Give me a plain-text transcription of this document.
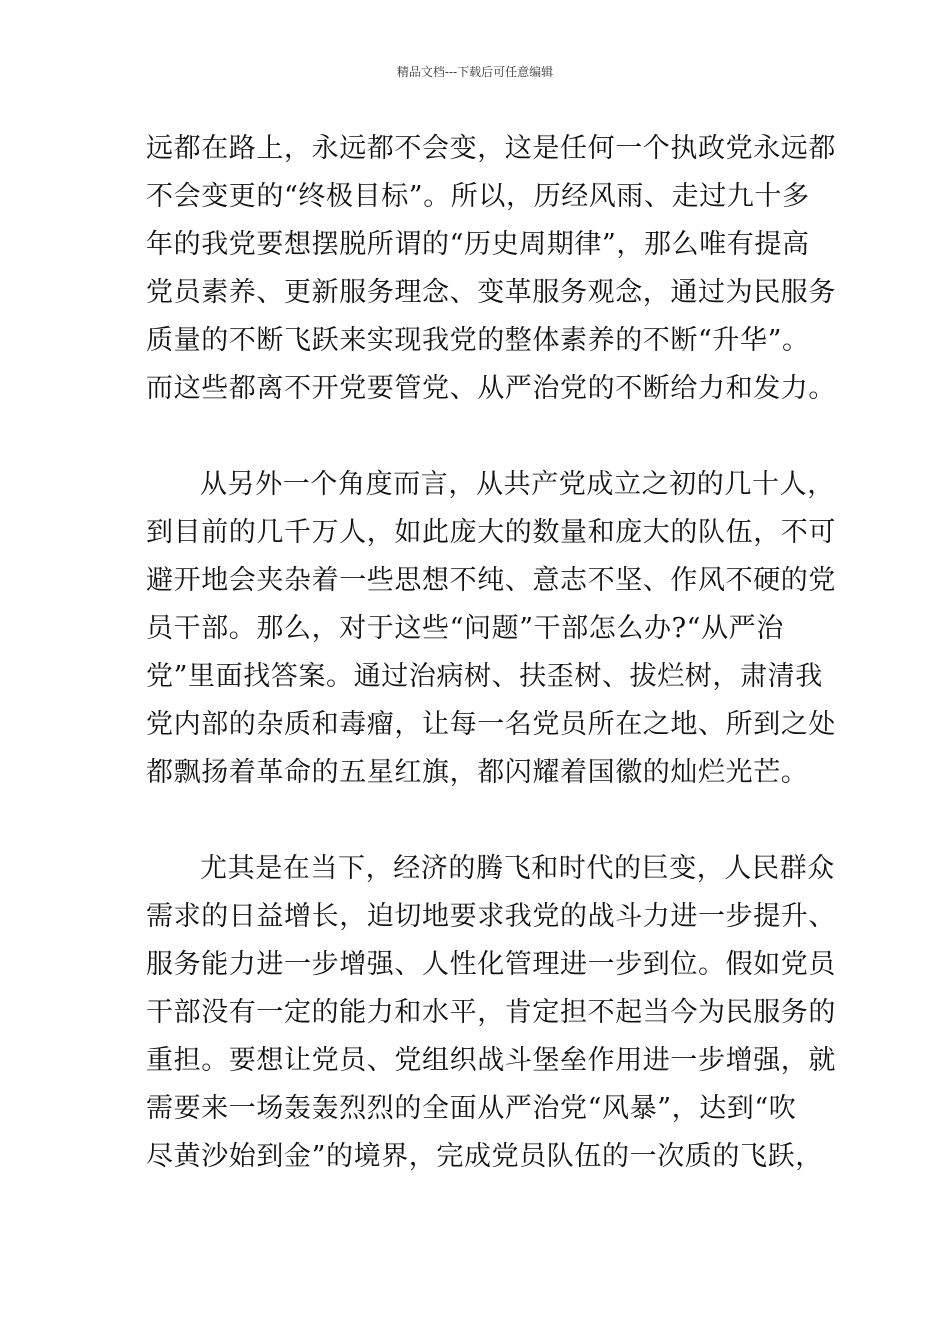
精品文档---下载后可任意编辑

远都在路上，永远都不会变，这是任何一个执政党永远都
不会变更的“终极目标”。所以，历经风雨、走过九十多
年的我党要想摆脱所谓的“历史周期律”，那么唯有提高
党员素养、更新服务理念、变革服务观念，通过为民服务
质量的不断飞跃来实现我党的整体素养的不断“升华”。
而这些都离不开党要管党、从严治党的不断给力和发力。

从另外一个角度而言，从共产党成立之初的几十人，
到目前的几千万人，如此庞大的数量和庞大的队伍，不可
避开地会夹杂着一些思想不纯、意志不坚、作风不硬的党
员干部。那么，对于这些“问题”干部怎么办?“从严治
党”里面找答案。通过治病树、扶歪树、拔烂树，肃清我
党内部的杂质和毒瘤，让每一名党员所在之地、所到之处
都飘扬着革命的五星红旗，都闪耀着国徽的灿烂光芒。

尤其是在当下，经济的腾飞和时代的巨变，人民群众
需求的日益增长，迫切地要求我党的战斗力进一步提升、
服务能力进一步增强、人性化管理进一步到位。假如党员
干部没有一定的能力和水平，肯定担不起当今为民服务的
重担。要想让党员、党组织战斗堡垒作用进一步增强，就
需要来一场轰轰烈烈的全面从严治党“风暴”，达到“吹
尽黄沙始到金”的境界，完成党员队伍的一次质的飞跃，
